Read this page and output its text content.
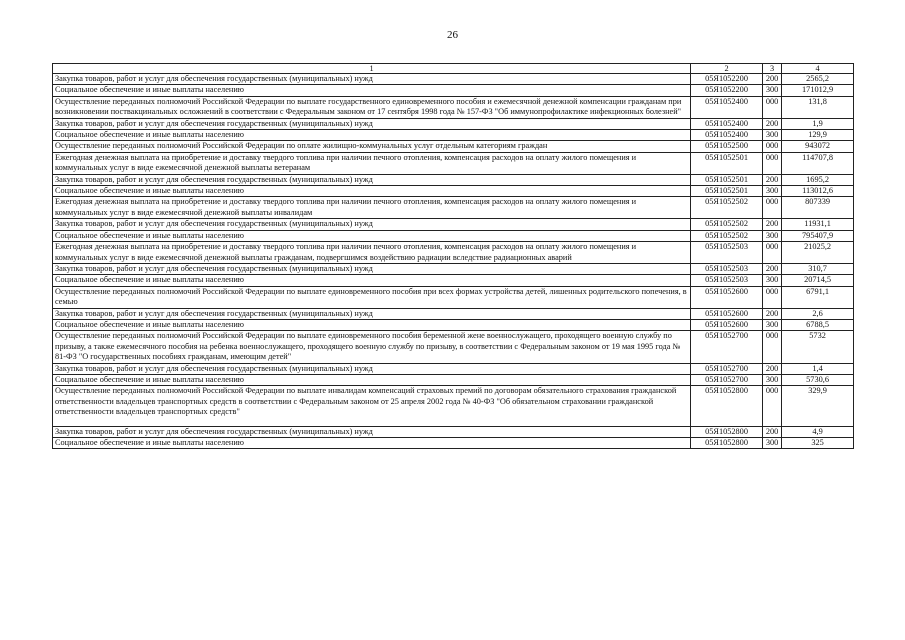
26
1	2	3	4
Закупка товаров, работ и услуг для обеспечения государственных (муниципальных) нужд	05Я1052200	200	2565,2
Социальное обеспечение и иные выплаты населению	05Я1052200	300	171012,9
Осуществление переданных полномочий Российской Федерации по выплате государственного единовременного пособия и ежемесячной денежной компенсации гражданам при возникновении поствакцинальных осложнений в соответствии с Федеральным законом от 17 сентября 1998 года № 157-ФЗ "Об иммунопрофилактике инфекционных болезней"	05Я1052400	000	131,8
Закупка товаров, работ и услуг для обеспечения государственных (муниципальных) нужд	05Я1052400	200	1,9
Социальное обеспечение и иные выплаты населению	05Я1052400	300	129,9
Осуществление переданных полномочий Российской Федерации по оплате жилищно-коммунальных услуг отдельным категориям граждан	05Я1052500	000	943072
Ежегодная денежная выплата на приобретение и доставку твердого топлива при наличии печного отопления, компенсация расходов на оплату жилого помещения и коммунальных услуг в виде ежемесячной денежной выплаты ветеранам	05Я1052501	000	114707,8
Закупка товаров, работ и услуг для обеспечения государственных (муниципальных) нужд	05Я1052501	200	1695,2
Социальное обеспечение и иные выплаты населению	05Я1052501	300	113012,6
Ежегодная денежная выплата на приобретение и доставку твердого топлива при наличии печного отопления, компенсация расходов на оплату жилого помещения и коммунальных услуг в виде ежемесячной денежной выплаты инвалидам	05Я1052502	000	807339
Закупка товаров, работ и услуг для обеспечения государственных (муниципальных) нужд	05Я1052502	200	11931,1
Социальное обеспечение и иные выплаты населению	05Я1052502	300	795407,9
Ежегодная денежная выплата на приобретение и доставку твердого топлива при наличии печного отопления, компенсация расходов на оплату жилого помещения и коммунальных услуг в виде ежемесячной денежной выплаты гражданам, подвергшимся воздействию радиации вследствие радиационных аварий	05Я1052503	000	21025,2
Закупка товаров, работ и услуг для обеспечения государственных (муниципальных) нужд	05Я1052503	200	310,7
Социальное обеспечение и иные выплаты населению	05Я1052503	300	20714,5
Осуществление переданных полномочий Российской Федерации по выплате единовременного пособия при всех формах устройства детей, лишенных родительского попечения, в семью	05Я1052600	000	6791,1
Закупка товаров, работ и услуг для обеспечения государственных (муниципальных) нужд	05Я1052600	200	2,6
Социальное обеспечение и иные выплаты населению	05Я1052600	300	6788,5
Осуществление переданных полномочий Российской Федерации по выплате единовременного пособия беременной жене военнослужащего, проходящего военную службу по призыву, а также ежемесячного пособия на ребенка военнослужащего, проходящего военную службу по призыву, в соответствии с Федеральным законом от 19 мая 1995 года № 81-ФЗ "О государственных пособиях гражданам, имеющим детей"	05Я1052700	000	5732
Закупка товаров, работ и услуг для обеспечения государственных (муниципальных) нужд	05Я1052700	200	1,4
Социальное обеспечение и иные выплаты населению	05Я1052700	300	5730,6
Осуществление переданных полномочий Российской Федерации по выплате инвалидам компенсаций страховых премий по договорам обязательного страхования гражданской ответственности владельцев транспортных средств в соответствии с Федеральным законом от 25 апреля 2002 года № 40-ФЗ "Об обязательном страховании гражданской ответственности владельцев транспортных средств"	05Я1052800	000	329,9
Закупка товаров, работ и услуг для обеспечения государственных (муниципальных) нужд	05Я1052800	200	4,9
Социальное обеспечение и иные выплаты населению	05Я1052800	300	325
